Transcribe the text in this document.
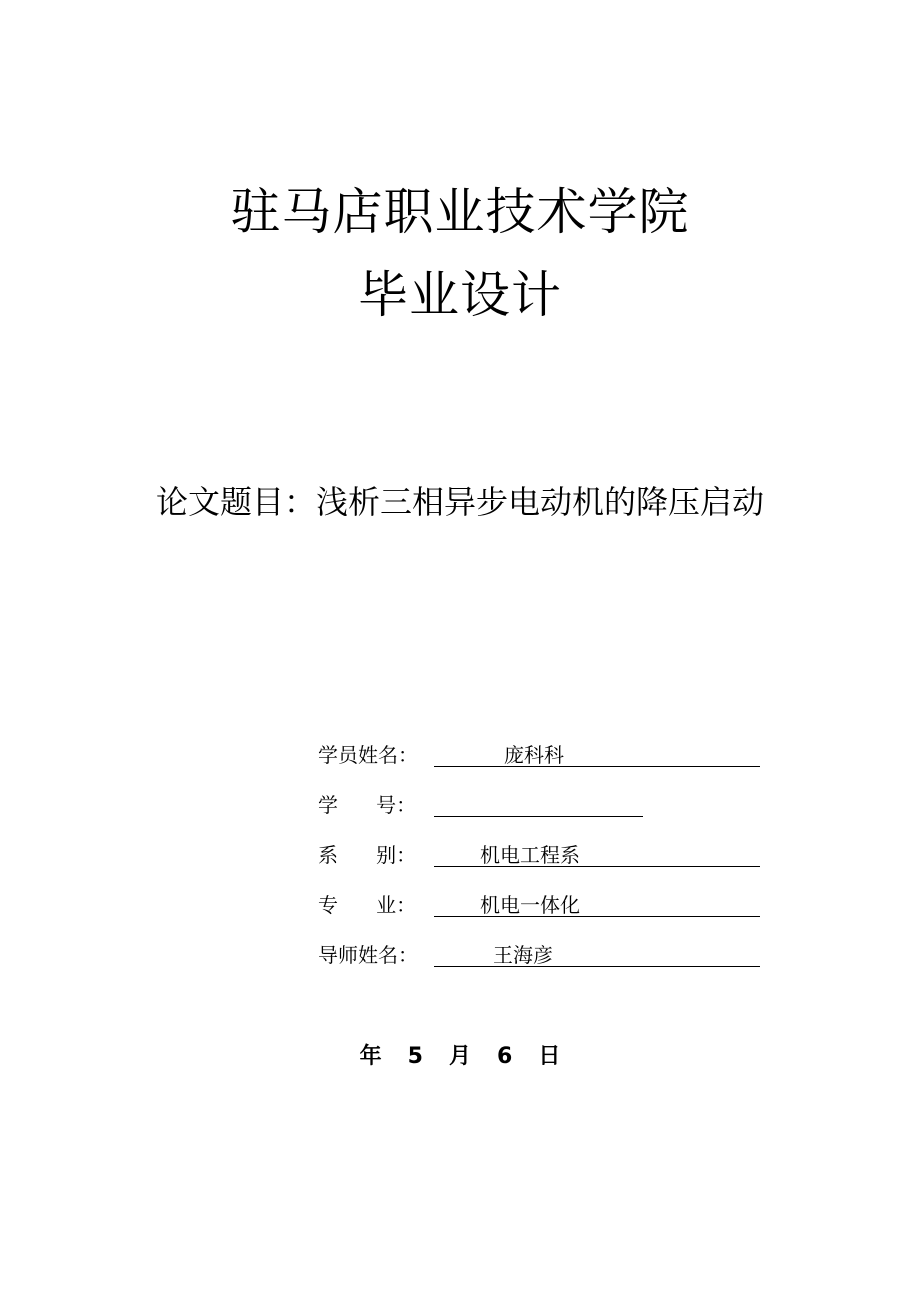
驻马店职业技术学院
毕业设计
论文题目：浅析三相异步电动机的降压启动
学员姓名：	庞科科
学      号：
系      别：	机电工程系
专      业：	机电一体化
导师姓名：	王海彦
年 5 月 6 日
